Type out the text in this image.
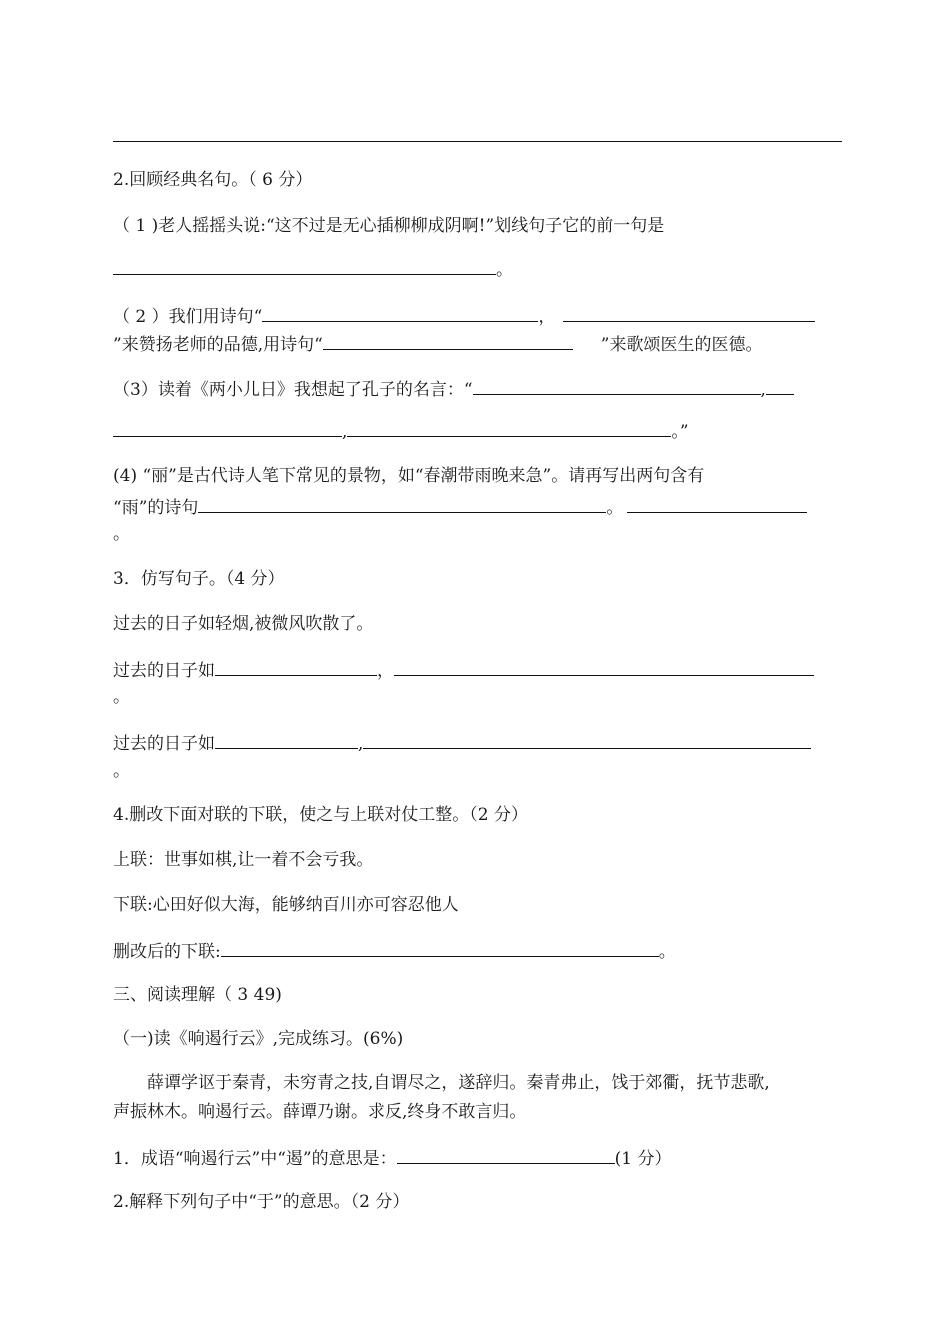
2.回顾经典名句。（ 6 分）
（ 1 )老人摇摇头说:“这不过是无心插柳柳成阴啊!”划线句子它的前一句是
。
（ 2 ）我们用诗句“	，
”来赞扬老师的品德,用诗句“	”来歌颂医生的医德。
（3）读着《两小儿日》我想起了孔子的名言：“	,
,	。”
(4) “丽”是古代诗人笔下常见的景物，如“春潮带雨晚来急”。请再写出两句含有
“雨”的诗句	。
。
3．仿写句子。（4 分）
过去的日子如轻烟,被微风吹散了。
过去的日子如	，
。
过去的日子如	,
。
4.删改下面对联的下联，使之与上联对仗工整。（2 分）
上联：世事如棋,让一着不会亏我。
下联:心田好似大海，能够纳百川亦可容忍他人
删改后的下联:	。
三、阅读理解（ 3 49)
（一)读《响遏行云》,完成练习。(6%)
薛谭学讴于秦青，未穷青之技,自谓尽之，遂辞归。秦青弗止，饯于郊衢，抚节悲歌,
声振林木。响遏行云。薛谭乃谢。求反,终身不敢言归。
1．成语“响遏行云”中“遏”的意思是：	(1 分）
2.解释下列句子中“于”的意思。（2 分）
